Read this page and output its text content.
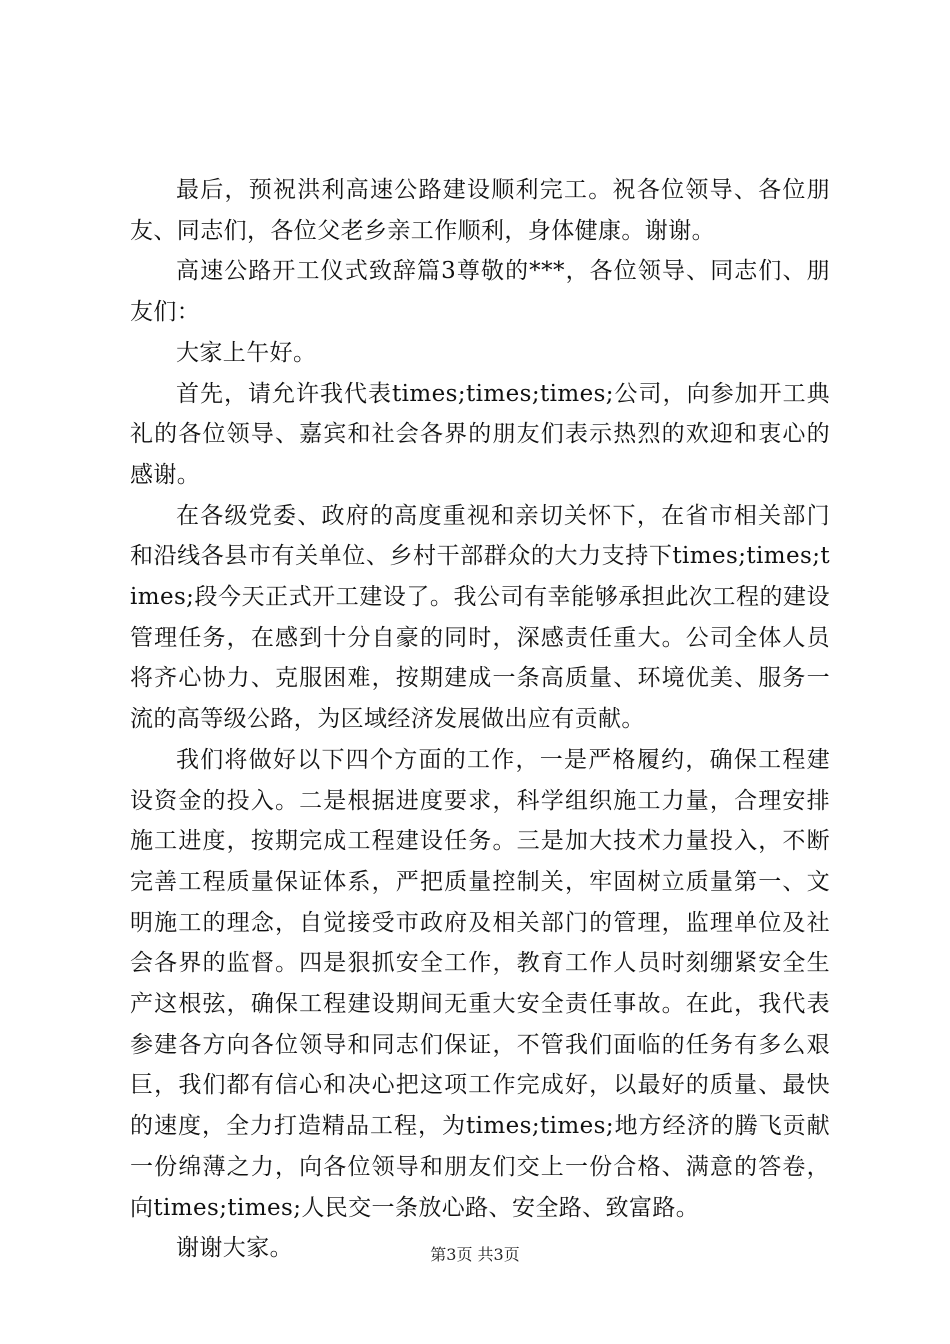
最后，预祝洪利高速公路建设顺利完工。祝各位领导、各位朋友、同志们，各位父老乡亲工作顺利，身体健康。谢谢。

高速公路开工仪式致辞篇3尊敬的***，各位领导、同志们、朋友们：

大家上午好。

首先，请允许我代表times;times;times;公司，向参加开工典礼的各位领导、嘉宾和社会各界的朋友们表示热烈的欢迎和衷心的感谢。

在各级党委、政府的高度重视和亲切关怀下，在省市相关部门和沿线各县市有关单位、乡村干部群众的大力支持下times;times;times;段今天正式开工建设了。我公司有幸能够承担此次工程的建设管理任务，在感到十分自豪的同时，深感责任重大。公司全体人员将齐心协力、克服困难，按期建成一条高质量、环境优美、服务一流的高等级公路，为区域经济发展做出应有贡献。

我们将做好以下四个方面的工作，一是严格履约，确保工程建设资金的投入。二是根据进度要求，科学组织施工力量，合理安排施工进度，按期完成工程建设任务。三是加大技术力量投入，不断完善工程质量保证体系，严把质量控制关，牢固树立质量第一、文明施工的理念，自觉接受市政府及相关部门的管理，监理单位及社会各界的监督。四是狠抓安全工作，教育工作人员时刻绷紧安全生产这根弦，确保工程建设期间无重大安全责任事故。在此，我代表参建各方向各位领导和同志们保证，不管我们面临的任务有多么艰巨，我们都有信心和决心把这项工作完成好，以最好的质量、最快的速度，全力打造精品工程，为times;times;地方经济的腾飞贡献一份绵薄之力，向各位领导和朋友们交上一份合格、满意的答卷，向times;times;人民交一条放心路、安全路、致富路。

谢谢大家。	第3页 共3页
